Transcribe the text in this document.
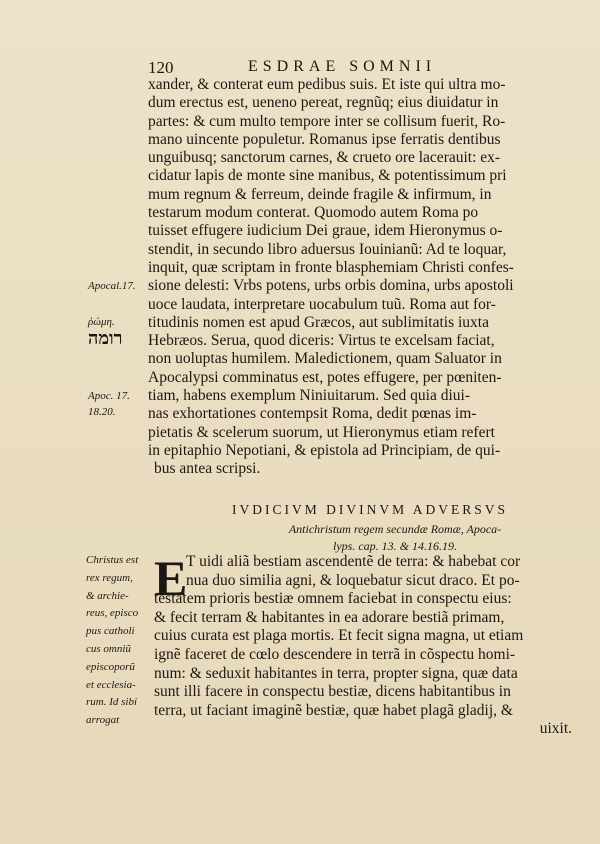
120	ESDRAE SOMNII

xander, & conterat eum pedibus suis. Et iste qui ultra mo-
dum erectus est, ueneno pereat, regnũq; eius diuidatur in
partes: & cum multo tempore inter se collisum fuerit, Ro-
mano uincente populetur. Romanus ipse ferratis dentibus
unguibusq; sanctorum carnes, & crueto ore lacerauit: ex-
cidatur lapis de monte sine manibus, & potentissimum pri
mum regnum & ferreum, deinde fragile & infirmum, in
testarum modum conterat. Quomodo autem Roma po
tuisset effugere iudicium Dei graue, idem Hieronymus o-
stendit, in secundo libro aduersus Iouinianũ: Ad te loquar,
inquit, quæ scriptam in fronte blasphemiam Christi confes-
sione delesti: Vrbs potens, urbs orbis domina, urbs apostoli
uoce laudata, interpretare uocabulum tuũ. Roma aut for-
titudinis nomen est apud Græcos, aut sublimitatis iuxta
Hebræos. Serua, quod diceris: Virtus te excelsam faciat,
non uoluptas humilem. Maledictionem, quam Saluator in
Apocalypsi comminatus est, potes effugere, per pœniten-
tiam, habens exemplum Niniuitarum. Sed quia diui-
nas exhortationes contempsit Roma, dedit pœnas im-
pietatis & scelerum suorum, ut Hieronymus etiam refert
in epitaphio Nepotiani, & epistola ad Principiam, de qui-
bus antea scripsi.

Apocal.17.
ῥώμη.
רומה
Apoc. 17.
18.20.
IVDICIVM DIVINVM ADVERSVS
Antichristum regem secundæ Romæ, Apoca-
lyps. cap. 13. & 14.16.19.
Christus est
rex regum,
& archie-
reus, episco
pus catholi
cus omniũ
episcoporũ
et ecclesia-
rum. Id sibi
arrogat
E
T uidi aliã bestiam ascendentẽ de terra: & habebat cor
nua duo similia agni, & loquebatur sicut draco. Et po-
testatem prioris bestiæ omnem faciebat in conspectu eius:
& fecit terram & habitantes in ea adorare bestiã primam,
cuius curata est plaga mortis. Et fecit signa magna, ut etiam
ignẽ faceret de cœlo descendere in terrã in cõspectu homi-
num: & seduxit habitantes in terra, propter signa, quæ data
sunt illi facere in conspectu bestiæ, dicens habitantibus in
terra, ut faciant imaginẽ bestiæ, quæ habet plagã gladij, &
uixit.
